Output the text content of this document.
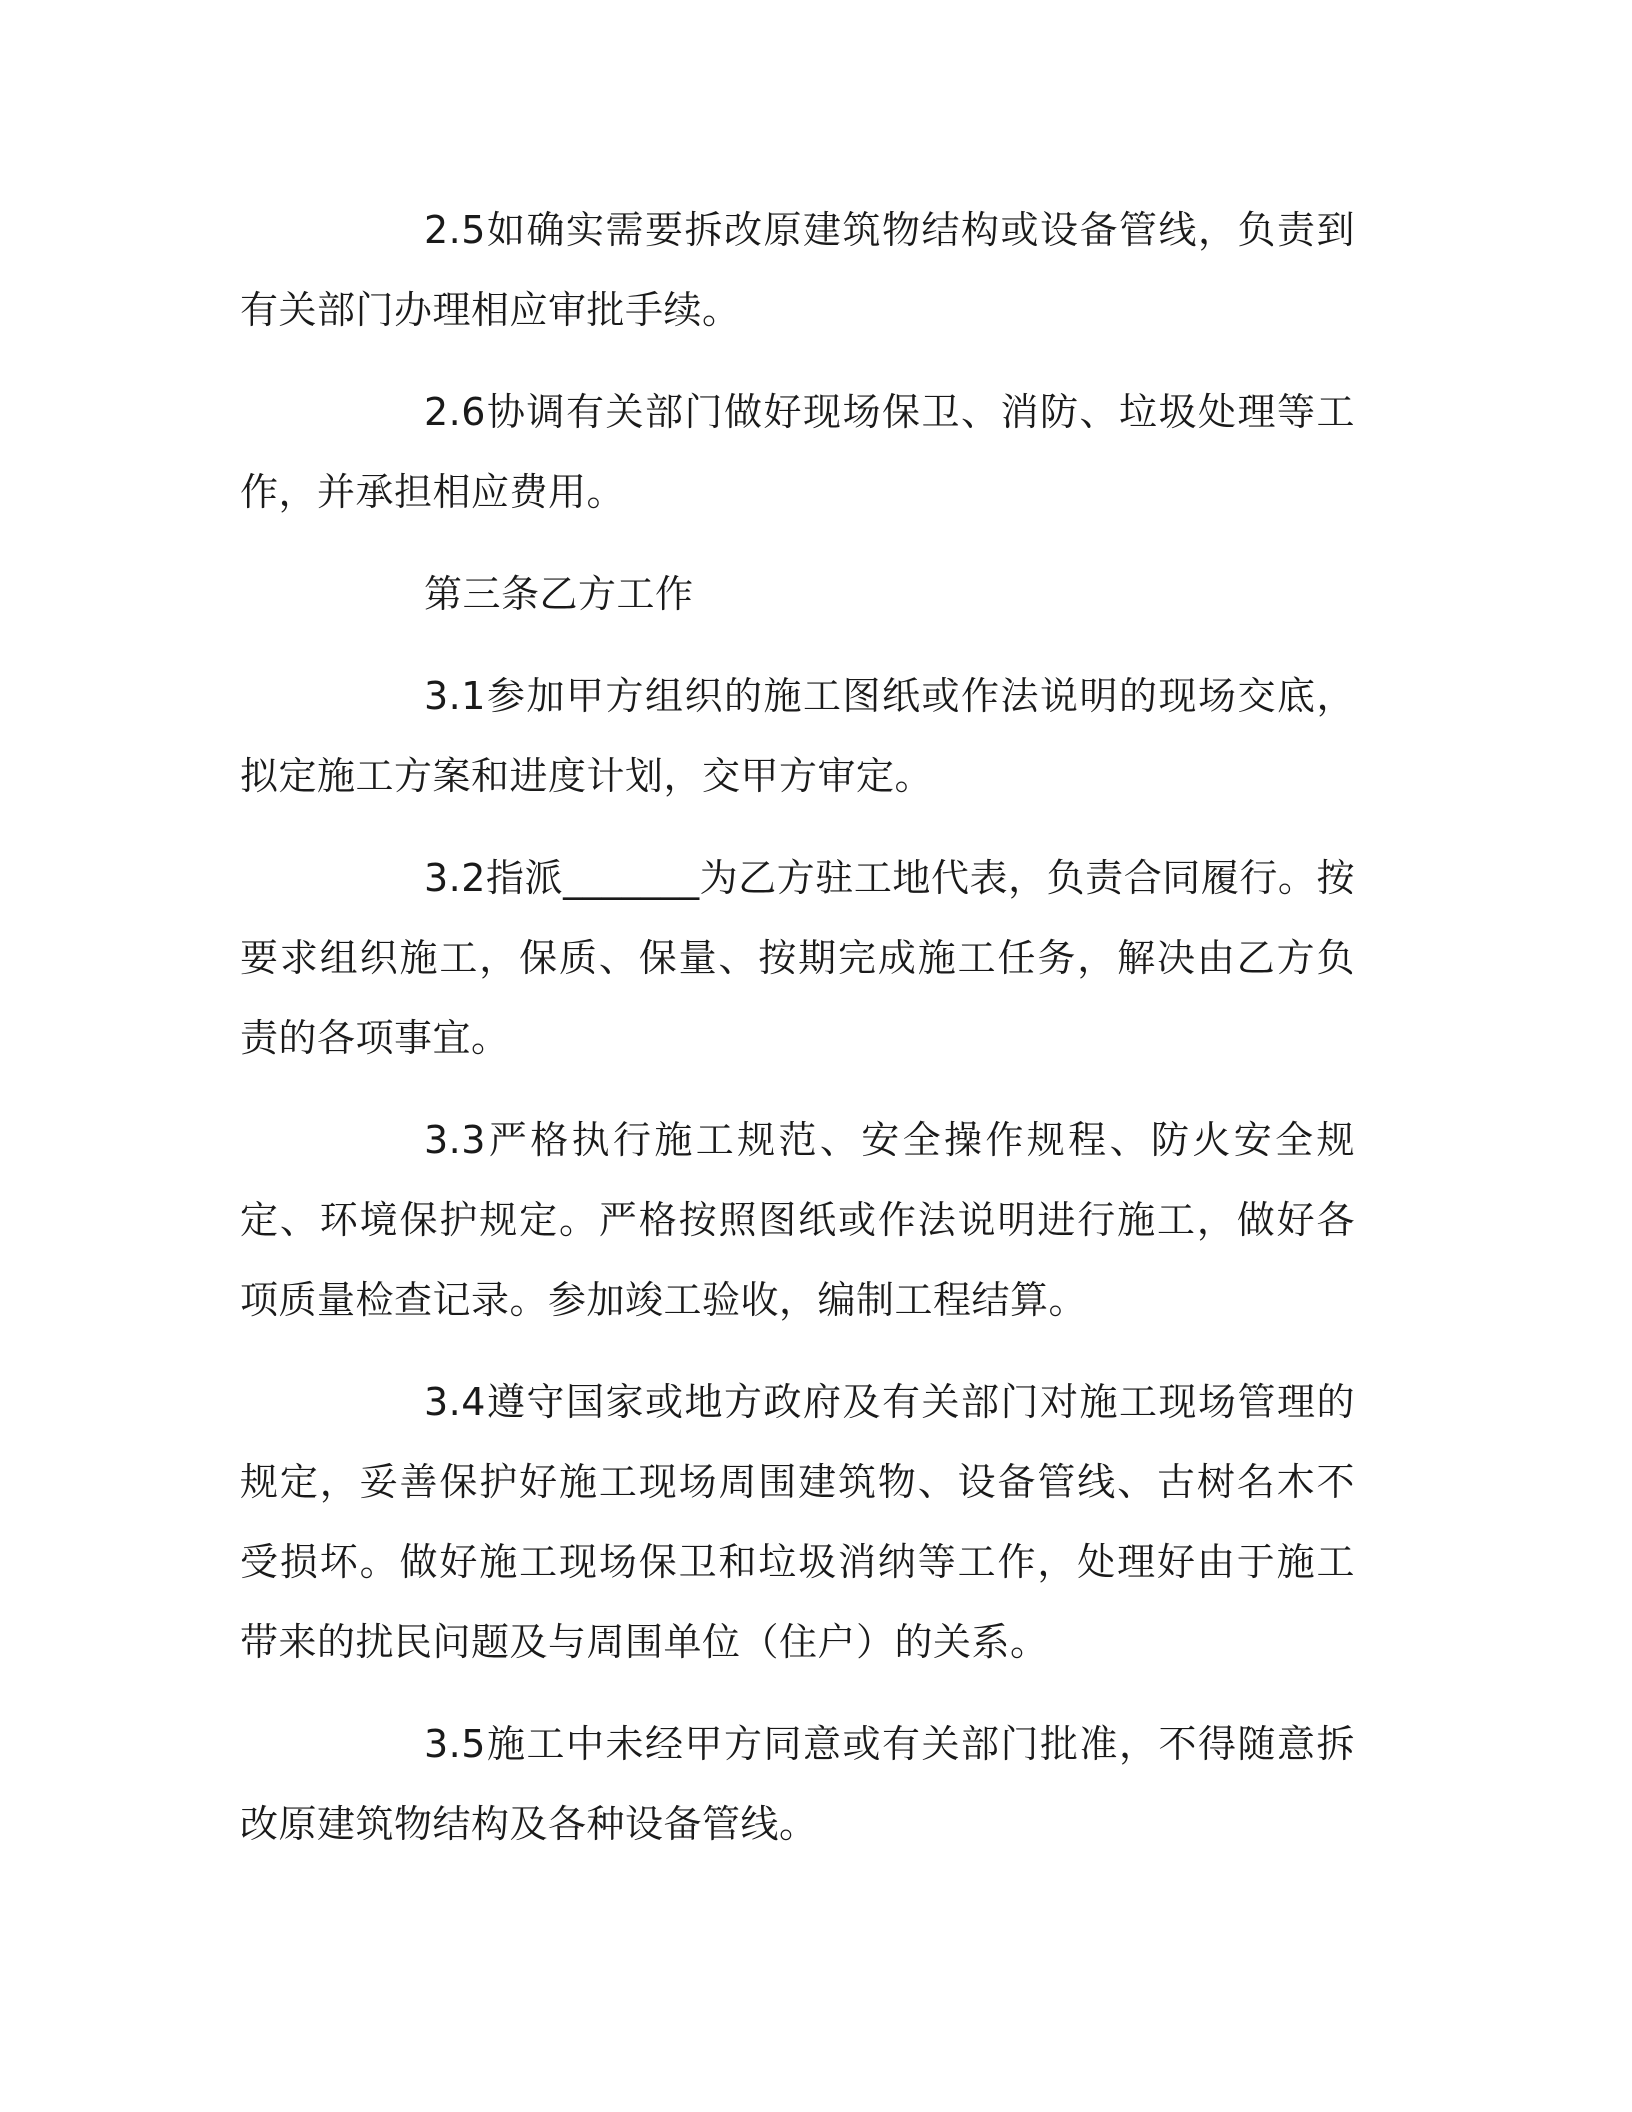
2.5如确实需要拆改原建筑物结构或设备管线，负责到有关部门办理相应审批手续。

2.6协调有关部门做好现场保卫、消防、垃圾处理等工作，并承担相应费用。

第三条乙方工作

3.1参加甲方组织的施工图纸或作法说明的现场交底，拟定施工方案和进度计划，交甲方审定。

3.2指派_______为乙方驻工地代表，负责合同履行。按要求组织施工，保质、保量、按期完成施工任务，解决由乙方负责的各项事宜。

3.3严格执行施工规范、安全操作规程、防火安全规定、环境保护规定。严格按照图纸或作法说明进行施工，做好各项质量检查记录。参加竣工验收，编制工程结算。

3.4遵守国家或地方政府及有关部门对施工现场管理的规定，妥善保护好施工现场周围建筑物、设备管线、古树名木不受损坏。做好施工现场保卫和垃圾消纳等工作，处理好由于施工带来的扰民问题及与周围单位（住户）的关系。

3.5施工中未经甲方同意或有关部门批准，不得随意拆改原建筑物结构及各种设备管线。
